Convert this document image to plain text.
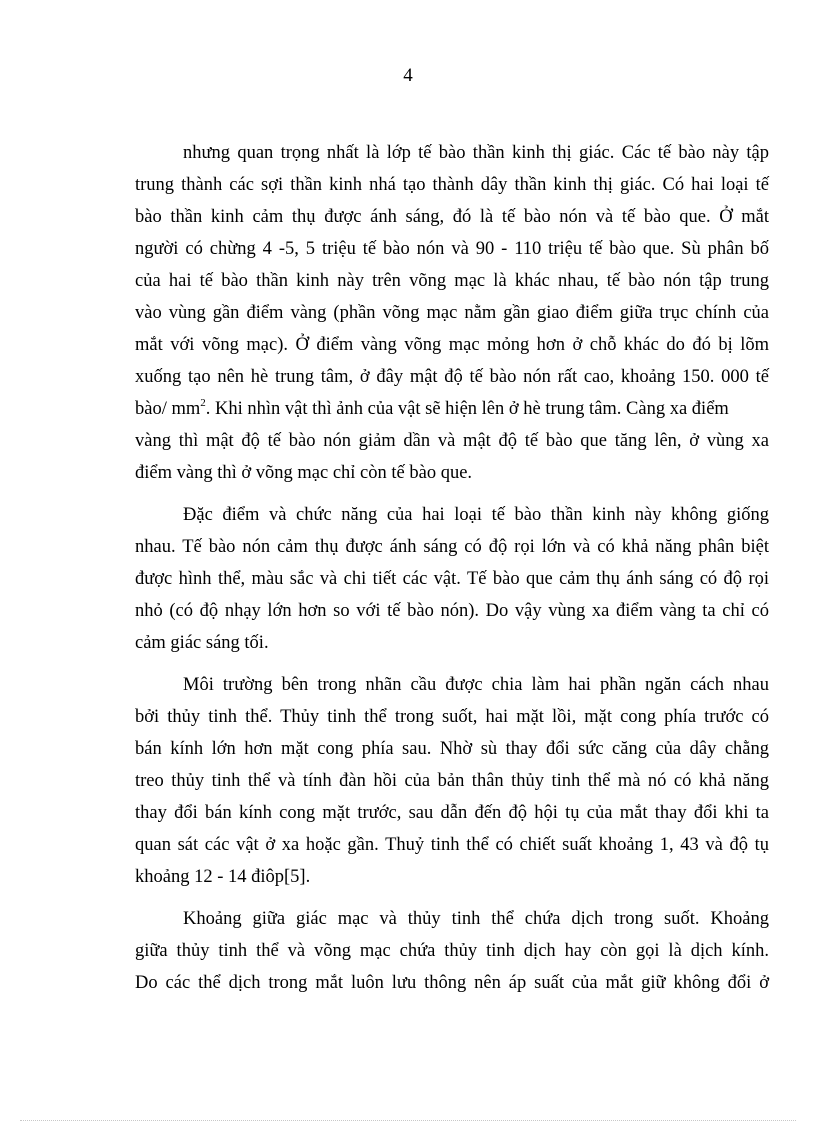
4
nhưng quan trọng nhất là lớp tế bào thần kinh thị giác. Các tế bào này tập
trung thành các sợi thần kinh nhá tạo thành dây thần kinh thị giác. Có hai loại tế
bào thần kinh cảm thụ được ánh sáng, đó là tế bào nón và tế bào que. Ở mắt
người có chừng 4 -5, 5 triệu tế bào nón và 90 - 110 triệu tế bào que. Sù phân bố
của hai tế bào thần kinh này trên võng mạc là khác nhau, tế bào nón tập trung
vào vùng gần điểm vàng (phần võng mạc nằm gần giao điểm giữa trục chính của
mắt với võng mạc). Ở điểm vàng võng mạc mỏng hơn ở chỗ khác do đó bị lõm
xuống tạo nên hè trung tâm, ở đây mật độ tế bào nón rất cao, khoảng 150. 000 tế
bào/ $mm^2$. Khi nhìn vật thì ảnh của vật sẽ hiện lên ở hè trung tâm. Càng xa điểm
vàng thì mật độ tế bào nón giảm dần và mật độ tế bào que tăng lên, ở vùng xa
điểm vàng thì ở võng mạc chỉ còn tế bào que.
Đặc điểm và chức năng của hai loại tế bào thần kinh này không giống
nhau. Tế bào nón cảm thụ được ánh sáng có độ rọi lớn và có khả năng phân biệt
được hình thể, màu sắc và chi tiết các vật. Tế bào que cảm thụ ánh sáng có độ rọi
nhỏ (có độ nhạy lớn hơn so với tế bào nón). Do vậy vùng xa điểm vàng ta chỉ có
cảm giác sáng tối.
Môi trường bên trong nhãn cầu được chia làm hai phần ngăn cách nhau
bởi thủy tinh thể. Thủy tinh thể trong suốt, hai mặt lồi, mặt cong phía trước có
bán kính lớn hơn mặt cong phía sau. Nhờ sù thay đổi sức căng của dây chằng
treo thủy tinh thể và tính đàn hồi của bản thân thủy tinh thể mà nó có khả năng
thay đổi bán kính cong mặt trước, sau dẫn đến độ hội tụ của mắt thay đổi khi ta
quan sát các vật ở xa hoặc gần. Thuỷ tinh thể có chiết suất khoảng 1, 43 và độ tụ
khoảng 12 - 14 điôp[5].
Khoảng giữa giác mạc và thủy tinh thể chứa dịch trong suốt. Khoảng
giữa thủy tinh thể và võng mạc chứa thủy tinh dịch hay còn gọi là dịch kính.
Do các thể dịch trong mắt luôn lưu thông nên áp suất của mắt giữ không đổi ở
